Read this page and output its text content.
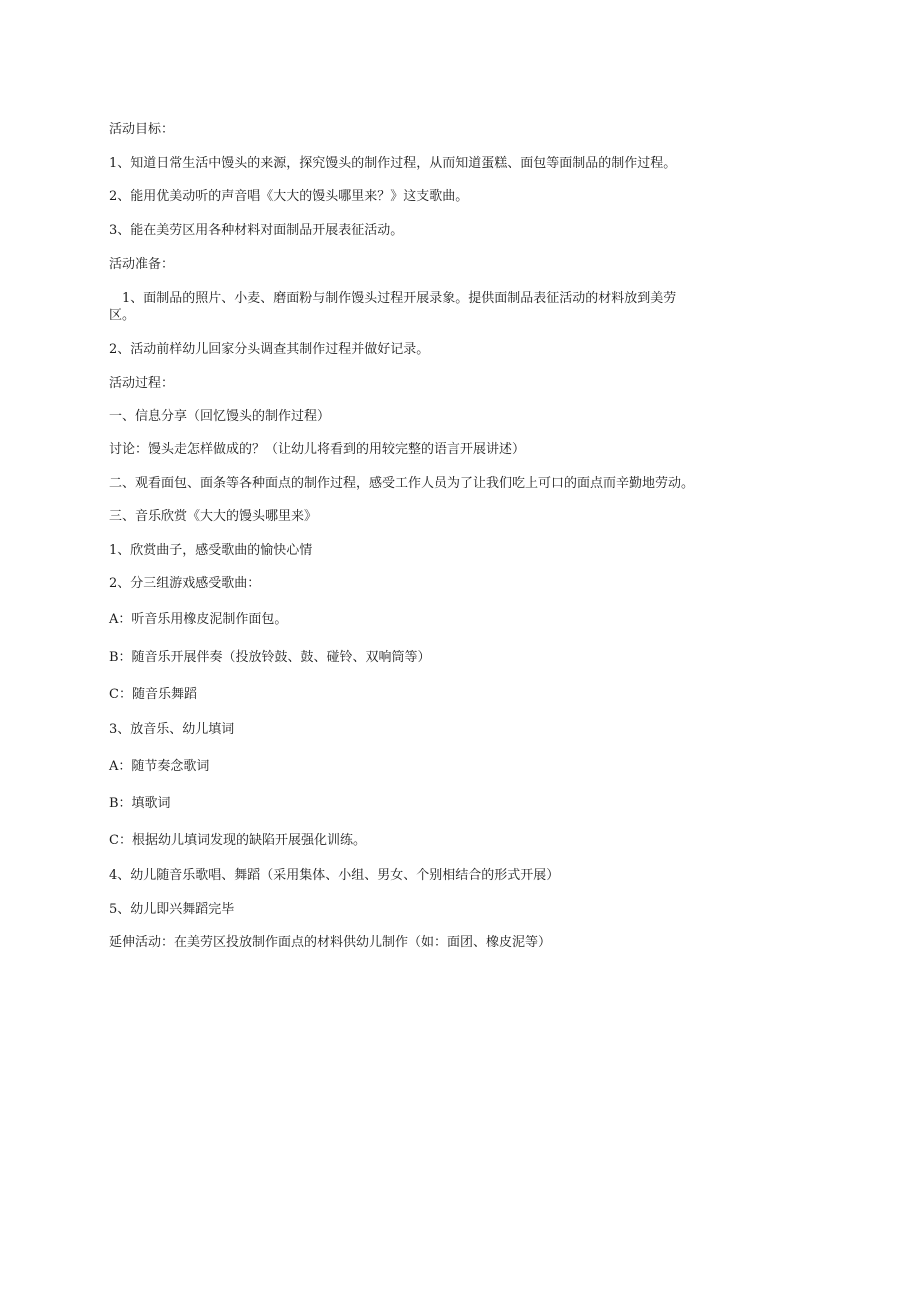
活动目标：
1、知道日常生活中馒头的来源，探究馒头的制作过程，从而知道蛋糕、面包等面制品的制作过程。
2、能用优美动听的声音唱《大大的馒头哪里来？》这支歌曲。
3、能在美劳区用各种材料对面制品开展表征活动。
活动准备：
1、面制品的照片、小麦、磨面粉与制作馒头过程开展录象。提供面制品表征活动的材料放到美劳
区。
2、活动前样幼儿回家分头调查其制作过程并做好记录。
活动过程：
一、信息分享（回忆馒头的制作过程）
讨论：馒头走怎样做成的？（让幼儿将看到的用较完整的语言开展讲述）
二、观看面包、面条等各种面点的制作过程，感受工作人员为了让我们吃上可口的面点而辛勤地劳动。
三、音乐欣赏《大大的馒头哪里来》
1、欣赏曲子，感受歌曲的愉快心情
2、分三组游戏感受歌曲：
A：听音乐用橡皮泥制作面包。
B：随音乐开展伴奏（投放铃鼓、鼓、碰铃、双响筒等）
C：随音乐舞蹈
3、放音乐、幼儿填词
A：随节奏念歌词
B：填歌词
C：根据幼儿填词发现的缺陷开展强化训练。
4、幼儿随音乐歌唱、舞蹈（采用集体、小组、男女、个别相结合的形式开展）
5、幼儿即兴舞蹈完毕
延伸活动：在美劳区投放制作面点的材料供幼儿制作（如：面团、橡皮泥等）
